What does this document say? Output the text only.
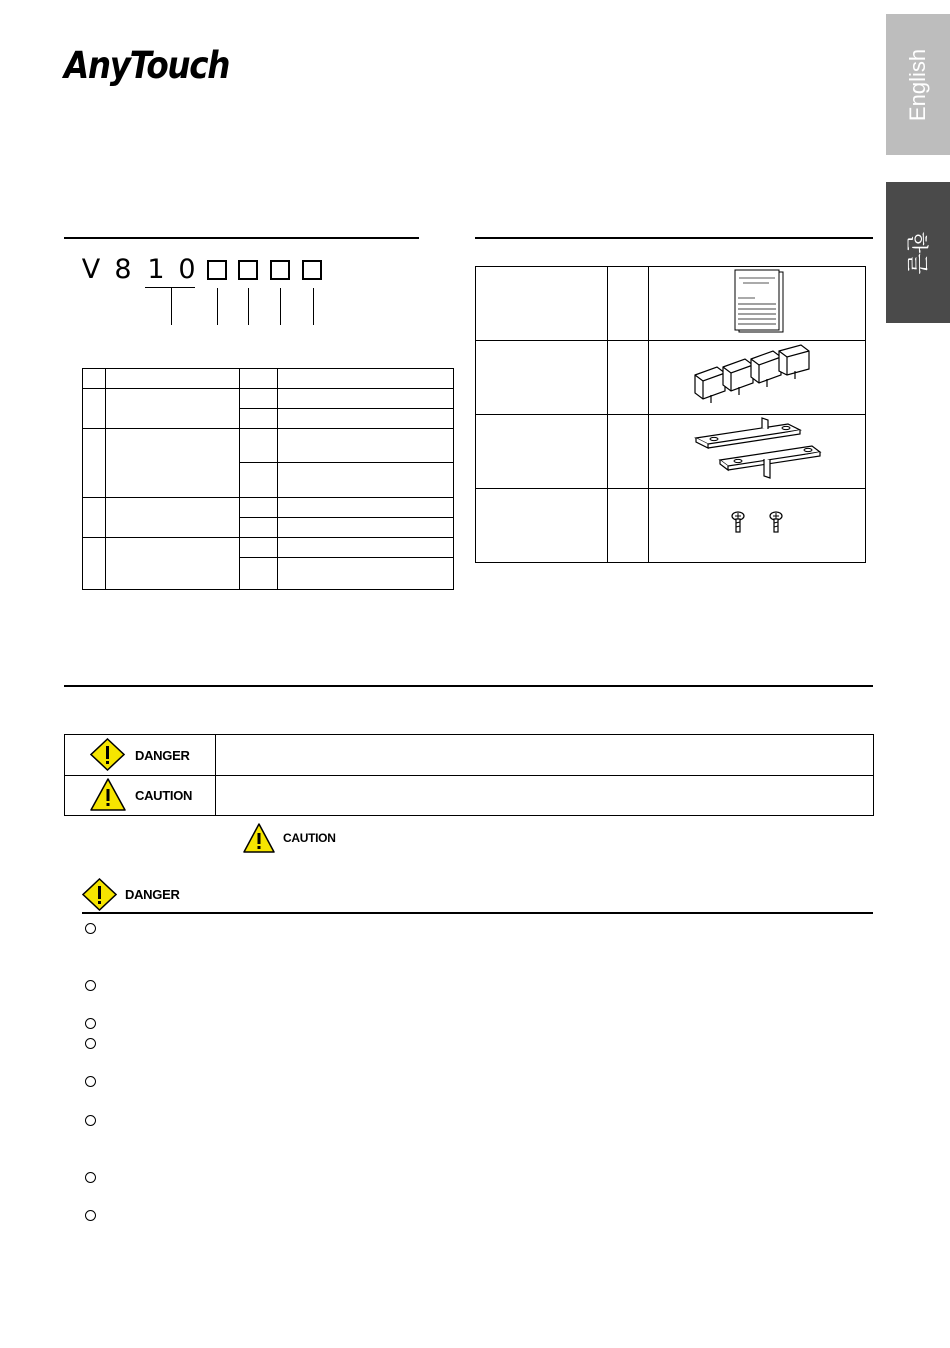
AnyTouch	English
한글
V 8 1 0

DANGER
CAUTION
CAUTION
DANGER
